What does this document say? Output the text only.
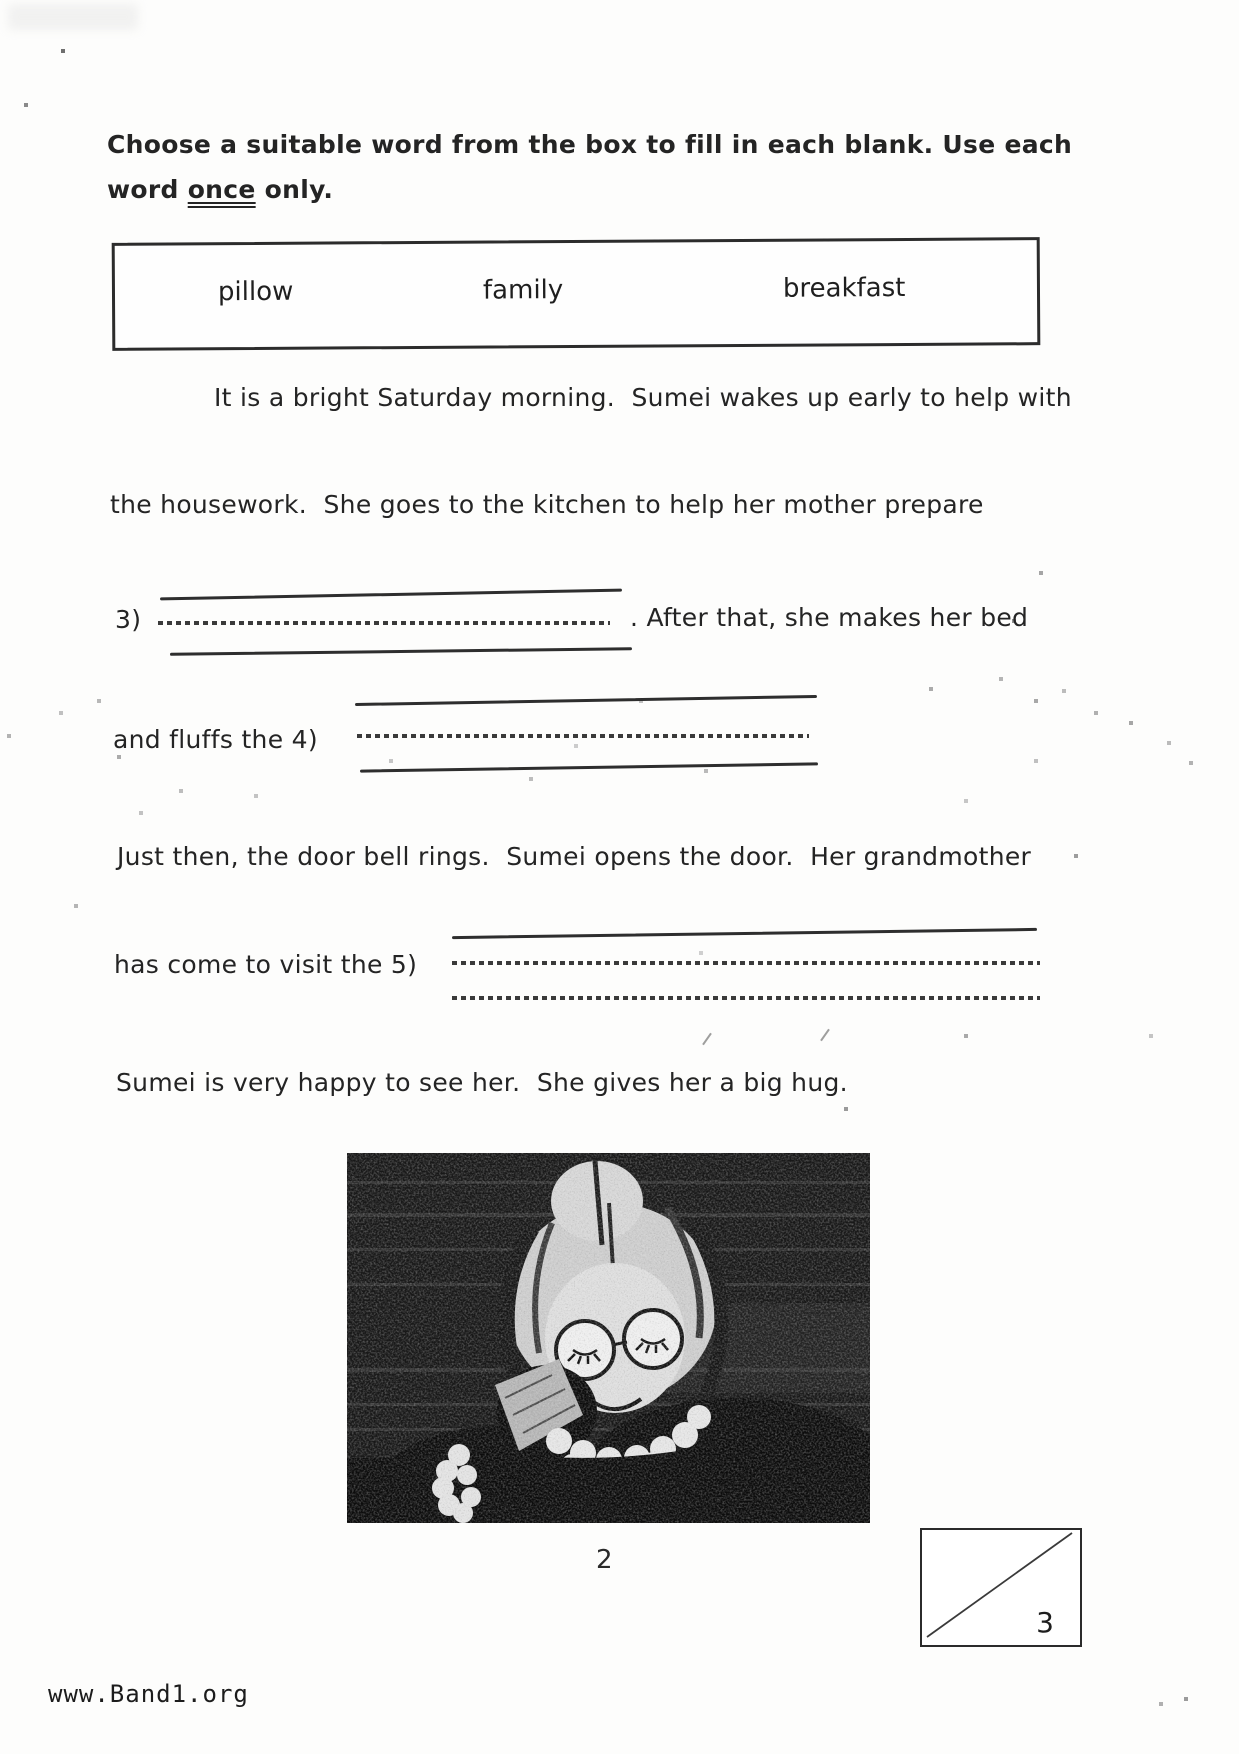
Choose a suitable word from the box to fill in each blank. Use each
word once only.
pillow	family	breakfast
It is a bright Saturday morning.  Sumei wakes up early to help with
the housework.  She goes to the kitchen to help her mother prepare
3)	. After that, she makes her bed
and fluffs the 4)
Just then, the door bell rings.  Sumei opens the door.  Her grandmother
has come to visit the 5)
Sumei is very happy to see her.  She gives her a big hug.
2
3
www.Band1.org
